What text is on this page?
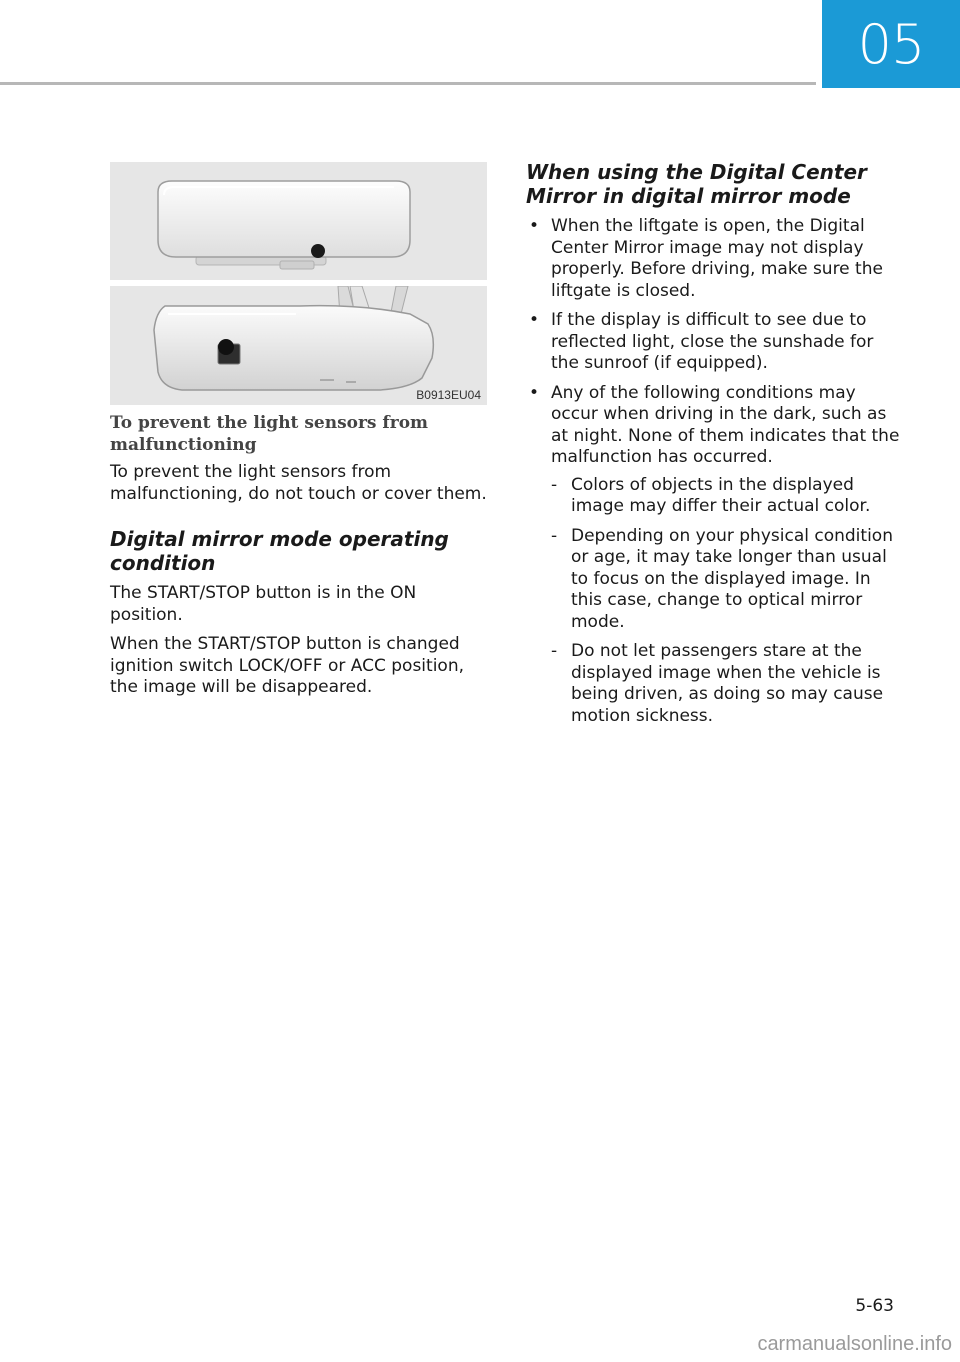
05
B0913EU04
To prevent the light sensors from malfunctioning

To prevent the light sensors from malfunctioning, do not touch or cover them.

Digital mirror mode operating condition

The START/STOP button is in the ON position.

When the START/STOP button is changed ignition switch LOCK/OFF or ACC position, the image will be disappeared.

When using the Digital Center Mirror in digital mirror mode
• When the liftgate is open, the Digital Center Mirror image may not display properly. Before driving, make sure the liftgate is closed.
• If the display is difficult to see due to reflected light, close the sunshade for the sunroof (if equipped).
• Any of the following conditions may occur when driving in the dark, such as at night. None of them indicates that the malfunction has occurred.
- Colors of objects in the displayed image may differ their actual color.
- Depending on your physical condition or age, it may take longer than usual to focus on the displayed image. In this case, change to optical mirror mode.
- Do not let passengers stare at the displayed image when the vehicle is being driven, as doing so may cause motion sickness.
5-63
carmanualsonline.info
